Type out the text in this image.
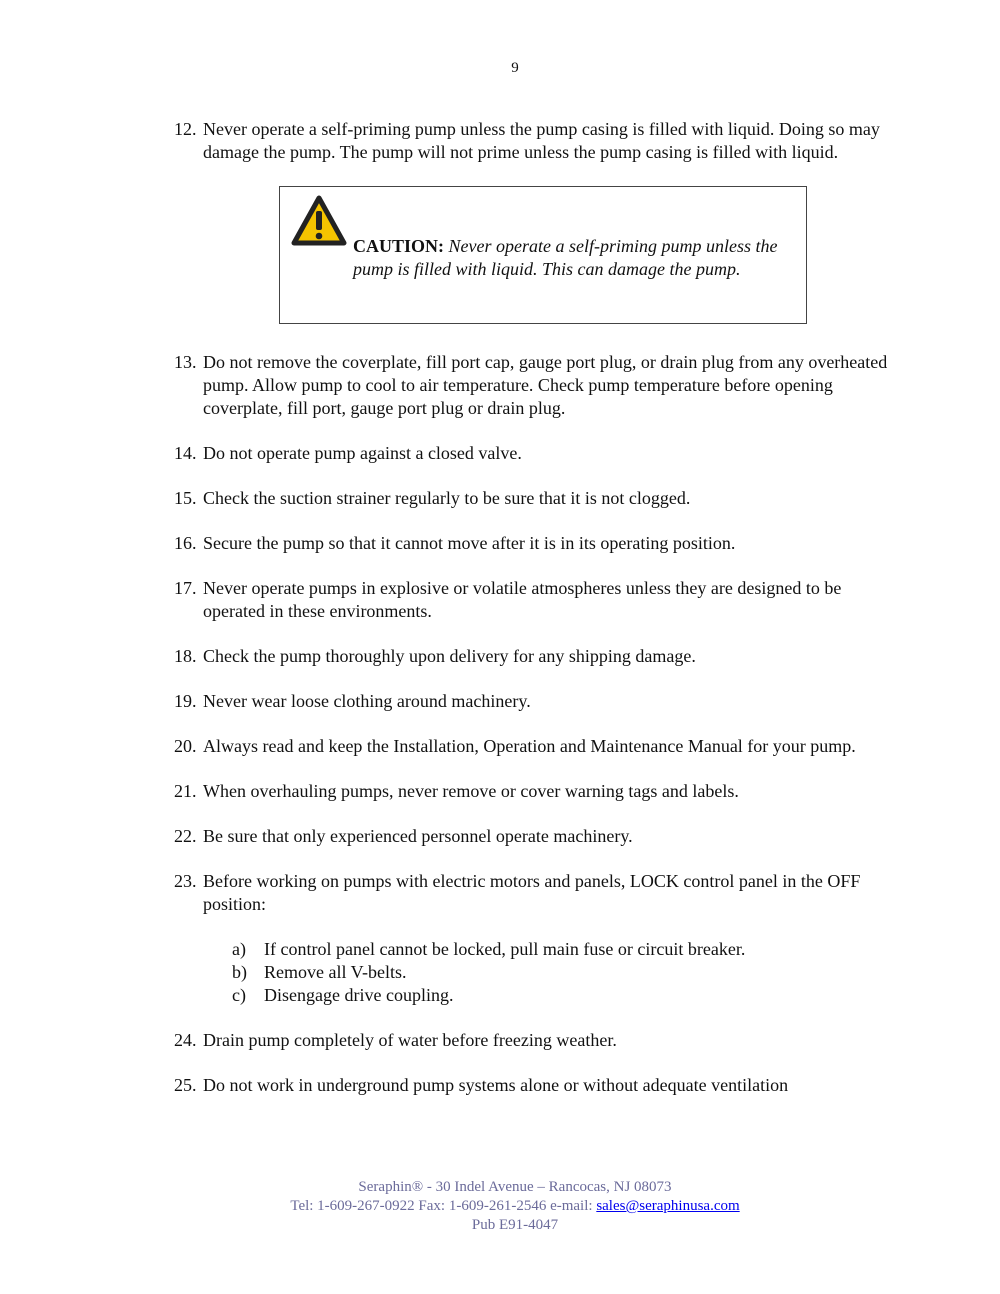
9
12. Never operate a self-priming pump unless the pump casing is filled with liquid. Doing so may damage the pump. The pump will not prime unless the pump casing is filled with liquid.
CAUTION: Never operate a self-priming pump unless the pump is filled with liquid. This can damage the pump.
13. Do not remove the coverplate, fill port cap, gauge port plug, or drain plug from any overheated pump. Allow pump to cool to air temperature. Check pump temperature before opening coverplate, fill port, gauge port plug or drain plug.
14. Do not operate pump against a closed valve.
15. Check the suction strainer regularly to be sure that it is not clogged.
16. Secure the pump so that it cannot move after it is in its operating position.
17. Never operate pumps in explosive or volatile atmospheres unless they are designed to be operated in these environments.
18. Check the pump thoroughly upon delivery for any shipping damage.
19. Never wear loose clothing around machinery.
20. Always read and keep the Installation, Operation and Maintenance Manual for your pump.
21. When overhauling pumps, never remove or cover warning tags and labels.
22. Be sure that only experienced personnel operate machinery.
23. Before working on pumps with electric motors and panels, LOCK control panel in the OFF position:
a) If control panel cannot be locked, pull main fuse or circuit breaker.
b) Remove all V-belts.
c) Disengage drive coupling.
24. Drain pump completely of water before freezing weather.
25. Do not work in underground pump systems alone or without adequate ventilation
Seraphin® - 30 Indel Avenue – Rancocas, NJ 08073
Tel: 1-609-267-0922 Fax: 1-609-261-2546 e-mail: sales@seraphinusa.com
Pub E91-4047
